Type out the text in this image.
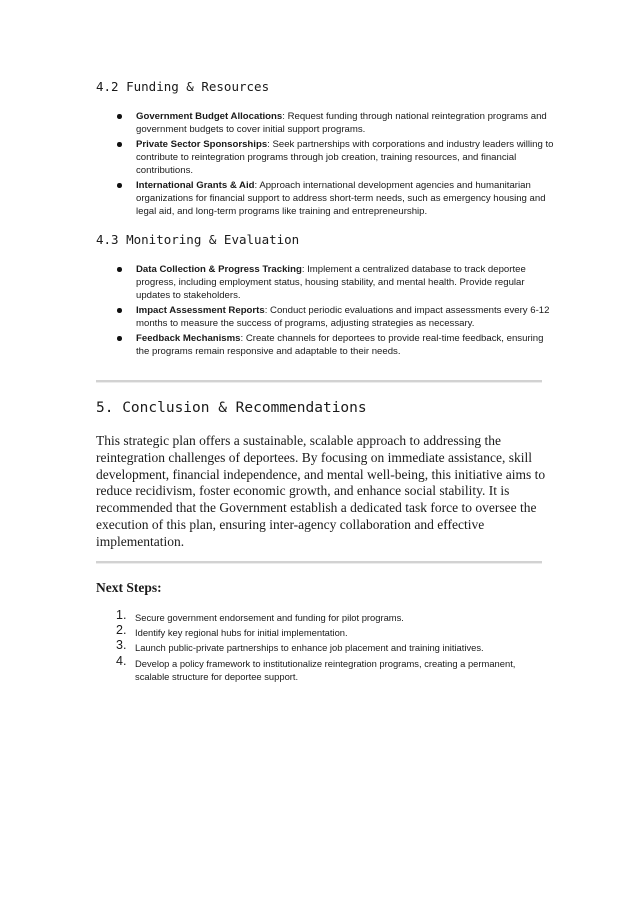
4.2 Funding & Resources
Government Budget Allocations: Request funding through national reintegration programs and government budgets to cover initial support programs.
Private Sector Sponsorships: Seek partnerships with corporations and industry leaders willing to contribute to reintegration programs through job creation, training resources, and financial contributions.
International Grants & Aid: Approach international development agencies and humanitarian organizations for financial support to address short-term needs, such as emergency housing and legal aid, and long-term programs like training and entrepreneurship.
4.3 Monitoring & Evaluation
Data Collection & Progress Tracking: Implement a centralized database to track deportee progress, including employment status, housing stability, and mental health. Provide regular updates to stakeholders.
Impact Assessment Reports: Conduct periodic evaluations and impact assessments every 6-12 months to measure the success of programs, adjusting strategies as necessary.
Feedback Mechanisms: Create channels for deportees to provide real-time feedback, ensuring the programs remain responsive and adaptable to their needs.
5. Conclusion & Recommendations

This strategic plan offers a sustainable, scalable approach to addressing the reintegration challenges of deportees. By focusing on immediate assistance, skill development, financial independence, and mental well-being, this initiative aims to reduce recidivism, foster economic growth, and enhance social stability. It is recommended that the Government establish a dedicated task force to oversee the execution of this plan, ensuring inter-agency collaboration and effective implementation.

Next Steps:
1. Secure government endorsement and funding for pilot programs.
2. Identify key regional hubs for initial implementation.
3. Launch public-private partnerships to enhance job placement and training initiatives.
4. Develop a policy framework to institutionalize reintegration programs, creating a permanent, scalable structure for deportee support.
